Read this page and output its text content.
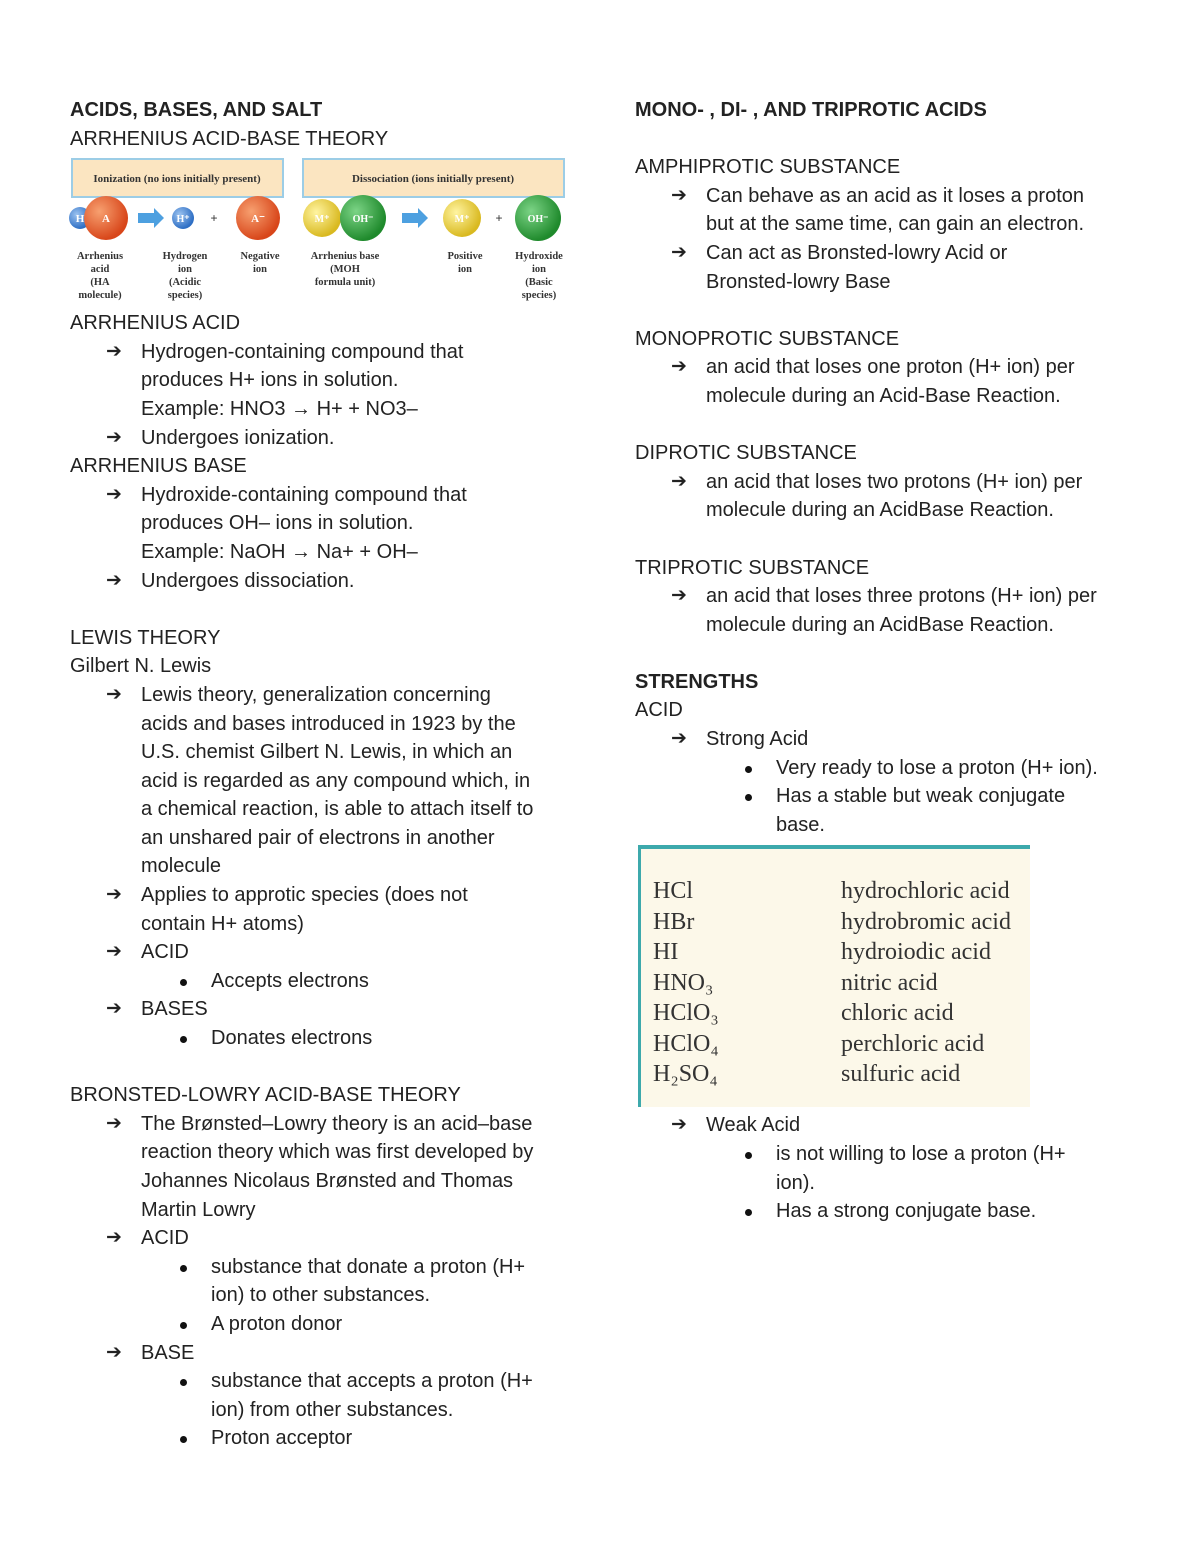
ACIDS, BASES, AND SALT
ARRHENIUS ACID-BASE THEORY
Ionization (no ions initially present)	Dissociation (ions initially present)
H A	H⁺ +	A⁻	M⁺ OH⁻	M⁺ +	OH⁻
Arrhenius
acid
(HA
molecule)
Hydrogen
ion
(Acidic
species)
Negative
ion
Arrhenius base
(MOH
formula unit)
Positive
ion
Hydroxide
ion
(Basic
species)
ARRHENIUS ACID
➔ Hydrogen-containing compound that
produces H+ ions in solution.
Example: HNO3 → H+ + NO3–
➔ Undergoes ionization.
ARRHENIUS BASE
➔ Hydroxide-containing compound that
produces OH– ions in solution.
Example: NaOH → Na+ + OH–
➔ Undergoes dissociation.
LEWIS THEORY
Gilbert N. Lewis
➔ Lewis theory, generalization concerning
acids and bases introduced in 1923 by the
U.S. chemist Gilbert N. Lewis, in which an
acid is regarded as any compound which, in
a chemical reaction, is able to attach itself to
an unshared pair of electrons in another
molecule
➔ Applies to approtic species (does not
contain H+ atoms)
➔ ACID
Accepts electrons
➔ BASES
Donates electrons
BRONSTED-LOWRY ACID-BASE THEORY
➔ The Brønsted–Lowry theory is an acid–base
reaction theory which was first developed by
Johannes Nicolaus Brønsted and Thomas
Martin Lowry
➔ ACID
substance that donate a proton (H+
ion) to other substances.
A proton donor
➔ BASE
substance that accepts a proton (H+
ion) from other substances.
Proton acceptor
MONO- , DI- , AND TRIPROTIC ACIDS
AMPHIPROTIC SUBSTANCE
➔ Can behave as an acid as it loses a proton
but at the same time, can gain an electron.
➔ Can act as Bronsted-lowry Acid or
Bronsted-lowry Base
MONOPROTIC SUBSTANCE
➔ an acid that loses one proton (H+ ion) per
molecule during an Acid-Base Reaction.
DIPROTIC SUBSTANCE
➔ an acid that loses two protons (H+ ion) per
molecule during an AcidBase Reaction.
TRIPROTIC SUBSTANCE
➔ an acid that loses three protons (H+ ion) per
molecule during an AcidBase Reaction.
STRENGTHS
ACID
➔ Strong Acid
Very ready to lose a proton (H+ ion).
Has a stable but weak conjugate
base.
HCl	hydrochloric acid
HBr	hydrobromic acid
HI	hydroiodic acid
HNO₃	nitric acid
HClO₃	chloric acid
HClO₄	perchloric acid
H₂SO₄	sulfuric acid
➔ Weak Acid
is not willing to lose a proton (H+
ion).
Has a strong conjugate base.
